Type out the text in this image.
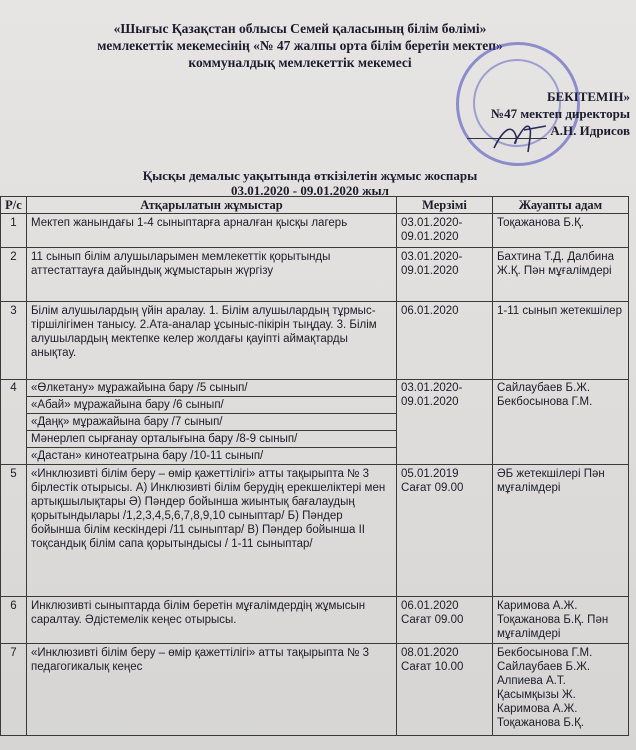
«Шығыс Қазақстан облысы Семей қаласының білім бөлімі»
мемлекеттік мекемесінің «№ 47 жалпы орта білім беретін мектеп»
коммуналдық мемлекеттік мекемесі
БЕКІТЕМІН»
№47 мектеп директоры
А.Н. Идрисов
Қысқы демалыс уақытында өткізілетін жұмыс жоспары
03.01.2020 - 09.01.2020 жыл
Р/с	Атқарылатын жұмыстар	Мерзімі	Жауапты адам
1	Мектеп жанындағы 1-4 сыныптарға арналған қысқы лагерь	03.01.2020-09.01.2020	Тоқажанова Б.Қ.
2	11 сынып білім алушыларымен мемлекеттік қорытынды аттестаттауға дайындық жұмыстарын жүргізу	03.01.2020-09.01.2020	Бахтина Т.Д. Далбина Ж.Қ. Пән мұғалімдері
3	Білім алушылардың үйін аралау. 1. Білім алушылардың тұрмыс-тіршілігімен танысу. 2.Ата-аналар ұсыныс-пікірін тыңдау. 3. Білім алушылардың мектепке келер жолдағы қауіпті аймақтарды анықтау.	06.01.2020	1-11 сынып жетекшілер
4	«Өлкетану» мұражайына бару /5 сынып/	03.01.2020-09.01.2020	Сайлаубаев Б.Ж. Бекбосынова Г.М.
	«Абай» мұражайына бару /6 сынып/		
	«Даңқ» мұражайына бару /7 сынып/		
	Мәнерлеп сырғанау орталығына бару /8-9 сынып/		
	«Дастан» кинотеатрына бару /10-11 сынып/		
5	«Инклюзивті білім беру – өмір қажеттілігі» атты тақырыпта № 3 бірлестік отырысы. А) Инклюзивті білім берудің ерекшеліктері мен артықшылықтары Ә) Пәндер бойынша жиынтық бағалаудың қорытындылары /1,2,3,4,5,6,7,8,9,10 сыныптар/ Б) Пәндер бойынша білім кескіндері /11 сыныптар/ В) Пәндер бойынша II тоқсандық білім сапа қорытындысы / 1-11 сыныптар/	05.01.2019 Сағат 09.00	ӘБ жетекшілері Пән мұғалімдері
6	Инклюзивті сыныптарда білім беретін мұғалімдердің жұмысын саралтау. Әдістемелік кеңес отырысы.	06.01.2020 Сағат 09.00	Каримова А.Ж. Тоқажанова Б.Қ. Пән мұғалімдері
7	«Инклюзивті білім беру – өмір қажеттілігі» атты тақырыпта № 3 педагогикалық кеңес	08.01.2020 Сағат 10.00	Бекбосынова Г.М. Сайлаубаев Б.Ж. Алпиева А.Т. Қасымқызы Ж. Каримова А.Ж. Тоқажанова Б.Қ.
